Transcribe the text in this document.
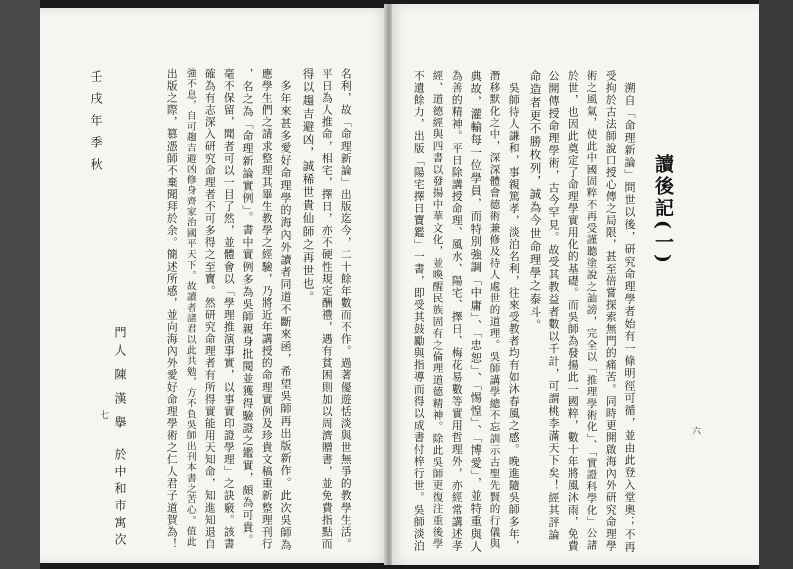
名利，故「命理新論」出版迄今，二十餘年數而不作。過著優遊恬淡與世無爭的教學生活。
平日為人推命，相宅，擇日，亦不硬性規定酬禮，遇有貧困則加以周濟贈書，並免費指點而
得以趨吉避凶，誠稀世貴仙師之再世也。
多年來甚多愛好命理學的海內外讀者同道不斷來函，希望吳師再出版新作。此次吳師為
應學生們之請求整理其畢生教學之經驗，乃將近年講授的命理實例及珍貴文稿重新整理刊行
，名之為「命理新論實例」。書中實例多為吳師親身批閱並獲得驗證之鑑實，頗為可貴。
毫不保留，聞者可以一目了然，並體會以「學理推演事實，以事實印證學理」之訣竅。該書
確為有志深入研究命理者不可多得之至寶。然研究命理者有所得實能用天知命，知進知退自
強不息，自可趨吉避凶修身齊家治國平天下。故讀者諸君以此共勉，方不負吳師出刊本書之苦心。值此
出版之際，篡憑師不棄聞拜於余。簡述所感，並向海內外愛好命理學術之仁人君子道賀為！
壬戌年季秋
門人
陳漢擧
於中和市寓次
七
讀後記(一)
溯自「命理新論」問世以後，研究命理學者始有一條明徑可循，並由此登入堂奧；不再
受拘於古法師說口授心傳之局限，甚至倍嘗探索無門的痛苦。同時更開啟海內外研究命理學
術之風氣，使此中國固粹不再受謹聽塗說之訕謗，完全以「推理學術化」、「實證科學化」公諸
於世，也因此奠定了命理學實用化的基礎。而吳師為發揚此一國粹，數十年將風沐雨，免費
公開傳授命理學術，古今罕見。故受其教益者數以千計，可謂桃李滿天下矣！經其評論
命造者更不勝枚列，誠為今世命理學之泰斗。
吳師待人謙和，事親篤孝，淡泊名利，往來受教者均有如沐春風之感。晚進隨吳師多年，
潛移默化之中，深深體會德術兼修及待人處世的道理。吳師講學總不忘訓示古聖先賢的行儀與
典故，灌輸每一位學員，而特別強調「中庸」、「忠恕」、「惕惶」、「博愛」，並特重與人
為善的精神。平日除講授命理、風水、陽宅、擇日、梅花易數等實用哲理外，亦經常講述孝
經、道德經與四書以發揚中華文化，並喚醒民族固有之倫理道德精神。除此吳師更復注重後學
不遺餘力，出版「陽宅擇日寶鑑」一書，即受其鼓勵與指導而得以成書付梓行世。吳師淡泊	六
